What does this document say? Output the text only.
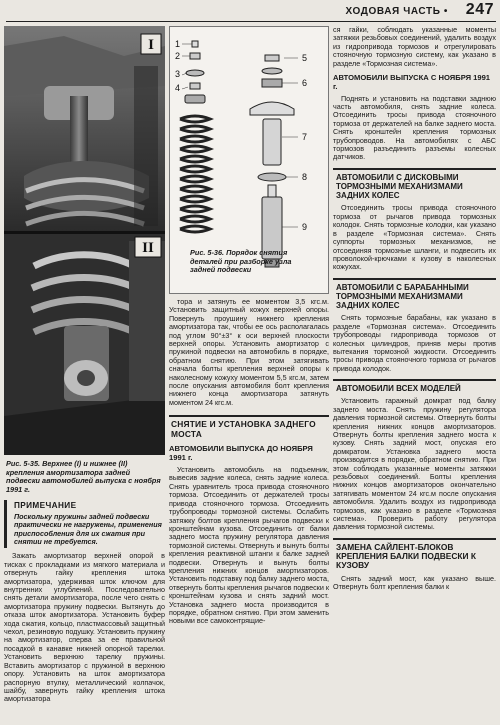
ХОДОВАЯ ЧАСТЬ • 247
I
II
Рис. 5-35. Верхнее (I) и нижнее (II) крепления амортизатора задней подвески автомобилей выпуска с ноября 1991 г.
ПРИМЕЧАНИЕ
Поскольку пружины задней подвески практически не нагружены, применения приспособления для их сжатия при снятии не требуется.

Зажать амортизатор верхней опорой в тисках с прокладками из мягкого материала и отвернуть гайку крепления штока амортизатора, удерживая шток ключом для внутренних углублений. Последовательно снять детали амортизатора, после чего снять с амортизатора пружину подвески. Вытянуть до отказа шток амортизатора. Установить буфер хода сжатия, кольцо, пластмассовый защитный чехол, резиновую подушку. Установить пружину на амортизатор, сперва за ее правильной посадкой в канавке нижней опорной тарелки. Установить верхнюю тарелку пружины. Вставить амортизатор с пружиной в верхнюю опору. Установить на шток амортизатора распорную втулку, металлический колпачок, шайбу, завернуть гайку крепления штока амортизатора

1
2
3
4
5
6
7
8
9
Рис. 5-36. Порядок снятия деталей при разборке узла задней подвески

тора и затянуть ее моментом 3,5 кгс.м. Установить защитный кожух верхней опоры. Повернуть проушину нижнего крепления амортизатора так, чтобы ее ось располагалась под углом 90°±3° к оси верхней плоскости верхней опоры. Установить амортизатор с пружиной подвески на автомобиль в порядке, обратном снятию. При этом затягивать сначала болты крепления верхней опоры к наколесному кожуху моментом 5,5 кгс.м, затем после опускания автомобиля болт крепления нижнего конца амортизатора затянуть моментом 24 кгс.м.

СНЯТИЕ И УСТАНОВКА ЗАДНЕГО МОСТА
АВТОМОБИЛИ ВЫПУСКА ДО НОЯБРЯ 1991 г.

Установить автомобиль на подъемник, вывесив задние колеса, снять задние колеса. Снять уравнитель троса привода стояночного тормоза. Отсоединить от держателей тросы привода стояночного тормоза. Отсоединить трубопроводы тормозной системы. Ослабить затяжку болтов крепления рычагов подвески к кронштейнам кузова. Отсоединить от балки заднего моста пружину регулятора давления тормозной системы. Отвернуть и вынуть болты крепления реактивной штанги к балке задней подвески. Отвернуть и вынуть болты крепления нижних концов амортизаторов. Установить подставку под балку заднего моста, отвернуть болты крепления рычагов подвески к кронштейнам кузова и снять задний мост. Установка заднего моста производится в порядке, обратном снятию. При этом заменить новыми все самоконтрящие-

ся гайки, соблюдать указанные моменты затяжки резьбовых соединений, удалить воздух из гидропривода тормозов и отрегулировать стояночную тормозную систему, как указано в разделе «Тормозная система».

АВТОМОБИЛИ ВЫПУСКА С НОЯБРЯ 1991 г.

Поднять и установить на подставки заднюю часть автомобиля, снять задние колеса. Отсоединить тросы привода стояночного тормоза от держателей на балке заднего моста. Снять кронштейн крепления тормозных трубопроводов. На автомобилях с АБС тормозов разъединить разъемы колесных датчиков.

АВТОМОБИЛИ С ДИСКОВЫМИ ТОРМОЗНЫМИ МЕХАНИЗМАМИ ЗАДНИХ КОЛЕС

Отсоединить тросы привода стояночного тормоза от рычагов привода тормозных колодок. Снять тормозные колодки, как указано в разделе «Тормозная система». Снять суппорты тормозных механизмов, не отсоединяя тормозные шланги, и подвесить их проволокой-крючками к кузову в наколесных кожухах.

АВТОМОБИЛИ С БАРАБАННЫМИ ТОРМОЗНЫМИ МЕХАНИЗМАМИ ЗАДНИХ КОЛЕС

Снять тормозные барабаны, как указано в разделе «Тормозная система». Отсоединить трубопроводы гидропривода тормозов от колесных цилиндров, приняв меры против вытекания тормозной жидкости. Отсоединить тросы привода стояночного тормоза от рычагов привода колодок.

АВТОМОБИЛИ ВСЕХ МОДЕЛЕЙ

Установить гаражный домкрат под балку заднего моста. Снять пружину регулятора давления тормозной системы. Отвернуть болты крепления нижних концов амортизаторов. Отвернуть болты крепления заднего моста к кузову. Снять задний мост, опуская его домкратом. Установка заднего моста производится в порядке, обратном снятию. При этом соблюдать указанные моменты затяжки резьбовых соединений. Болты крепления нижних концов амортизаторов окончательно затягивать моментом 24 кгс.м после опускания автомобиля. Удалить воздух из гидропривода тормозов, как указано в разделе «Тормозная система». Проверить работу регулятора давления тормозной системы.

ЗАМЕНА САЙЛЕНТ-БЛОКОВ КРЕПЛЕНИЯ БАЛКИ ПОДВЕСКИ К КУЗОВУ

Снять задний мост, как указано выше. Отвернуть болт крепления балки к
